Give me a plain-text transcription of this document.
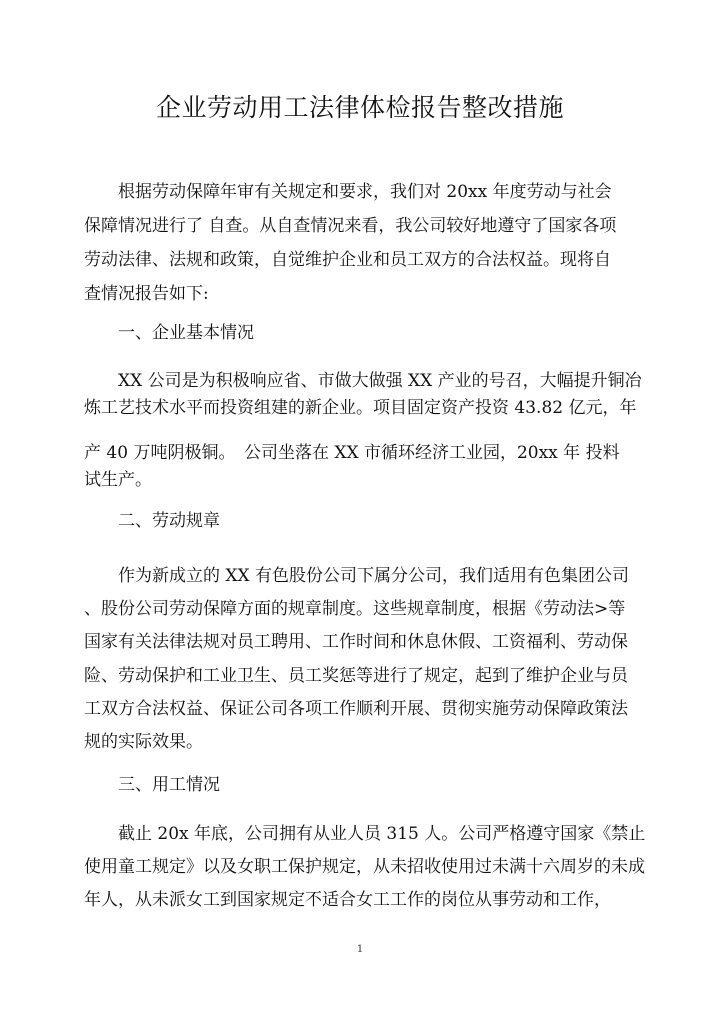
企业劳动用工法律体检报告整改措施
　　根据劳动保障年审有关规定和要求，我们对 20xx 年度劳动与社会
保障情况进行了 自查。从自查情况来看，我公司较好地遵守了国家各项
劳动法律、法规和政策，自觉维护企业和员工双方的合法权益。现将自
查情况报告如下:
　　一、企业基本情况
　　XX 公司是为积极响应省、市做大做强 XX 产业的号召，大幅提升铜冶
炼工艺技术水平而投资组建的新企业。项目固定资产投资 43.82 亿元，年
产 40 万吨阴极铜。　公司坐落在 XX 市循环经济工业园，20xx 年 投料
试生产。
　　二、劳动规章
　　作为新成立的 XX 有色股份公司下属分公司，我们适用有色集团公司
、股份公司劳动保障方面的规章制度。这些规章制度，根据《劳动法>等
国家有关法律法规对员工聘用、工作时间和休息休假、工资福利、劳动保
险、劳动保护和工业卫生、员工奖惩等进行了规定，起到了维护企业与员
工双方合法权益、保证公司各项工作顺利开展、贯彻实施劳动保障政策法
规的实际效果。
　　三、用工情况
　　截止 20x 年底，公司拥有从业人员 315 人。公司严格遵守国家《禁止
使用童工规定》以及女职工保护规定，从未招收使用过未满十六周岁的未成
年人，从未派女工到国家规定不适合女工工作的岗位从事劳动和工作，
1
